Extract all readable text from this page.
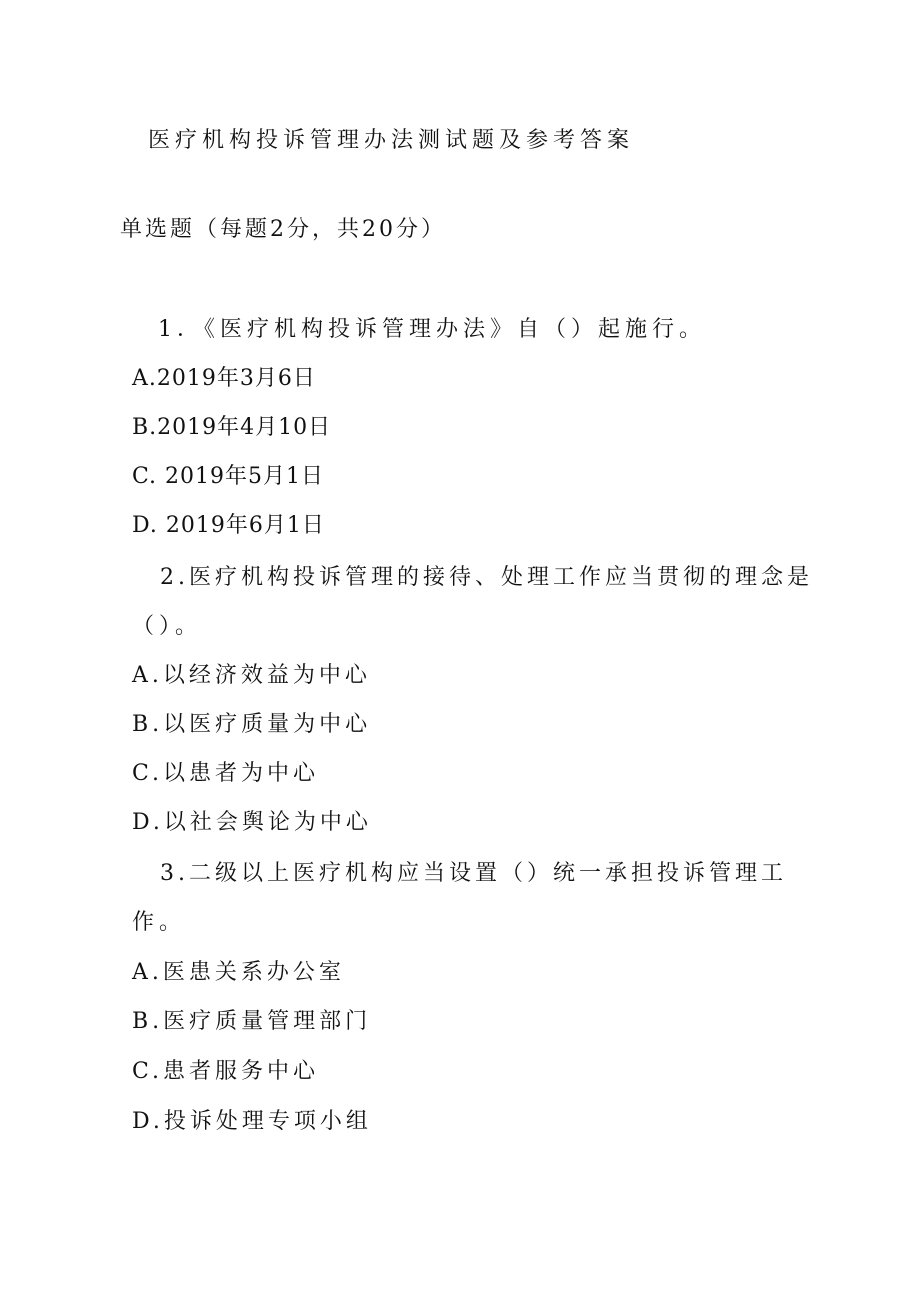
医疗机构投诉管理办法测试题及参考答案
单选题（每题2分，共20分）
1．《医疗机构投诉管理办法》自（）起施行。
A.2019年3月6日
B.2019年4月10日
C. 2019年5月1日
D. 2019年6月1日
2.医疗机构投诉管理的接待、处理工作应当贯彻的理念是
（）。
A.以经济效益为中心
B.以医疗质量为中心
C.以患者为中心
D.以社会舆论为中心
3.二级以上医疗机构应当设置（）统一承担投诉管理工
作。
A.医患关系办公室
B.医疗质量管理部门
C.患者服务中心
D.投诉处理专项小组
